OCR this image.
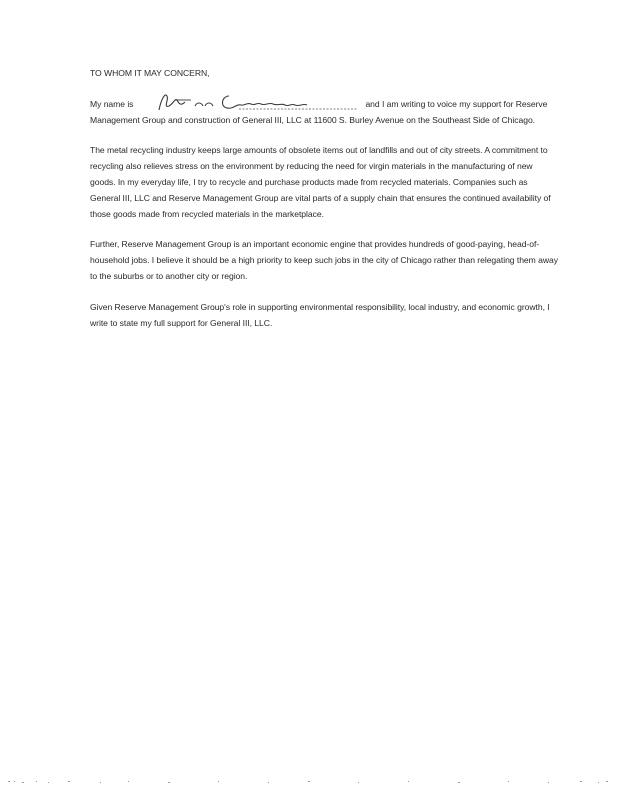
TO WHOM IT MAY CONCERN,

My name is	and I am writing to voice my support for Reserve Management Group and construction of General III, LLC at 11600 S. Burley Avenue on the Southeast Side of Chicago.

The metal recycling industry keeps large amounts of obsolete items out of landfills and out of city streets. A commitment to recycling also relieves stress on the environment by reducing the need for virgin materials in the manufacturing of new goods. In my everyday life, I try to recycle and purchase products made from recycled materials. Companies such as General III, LLC and Reserve Management Group are vital parts of a supply chain that ensures the continued availability of those goods made from recycled materials in the marketplace.

Further, Reserve Management Group is an important economic engine that provides hundreds of good-paying, head-of-household jobs. I believe it should be a high priority to keep such jobs in the city of Chicago rather than relegating them away to the suburbs or to another city or region.

Given Reserve Management Group's role in supporting environmental responsibility, local industry, and economic growth, I write to state my full support for General III, LLC.
